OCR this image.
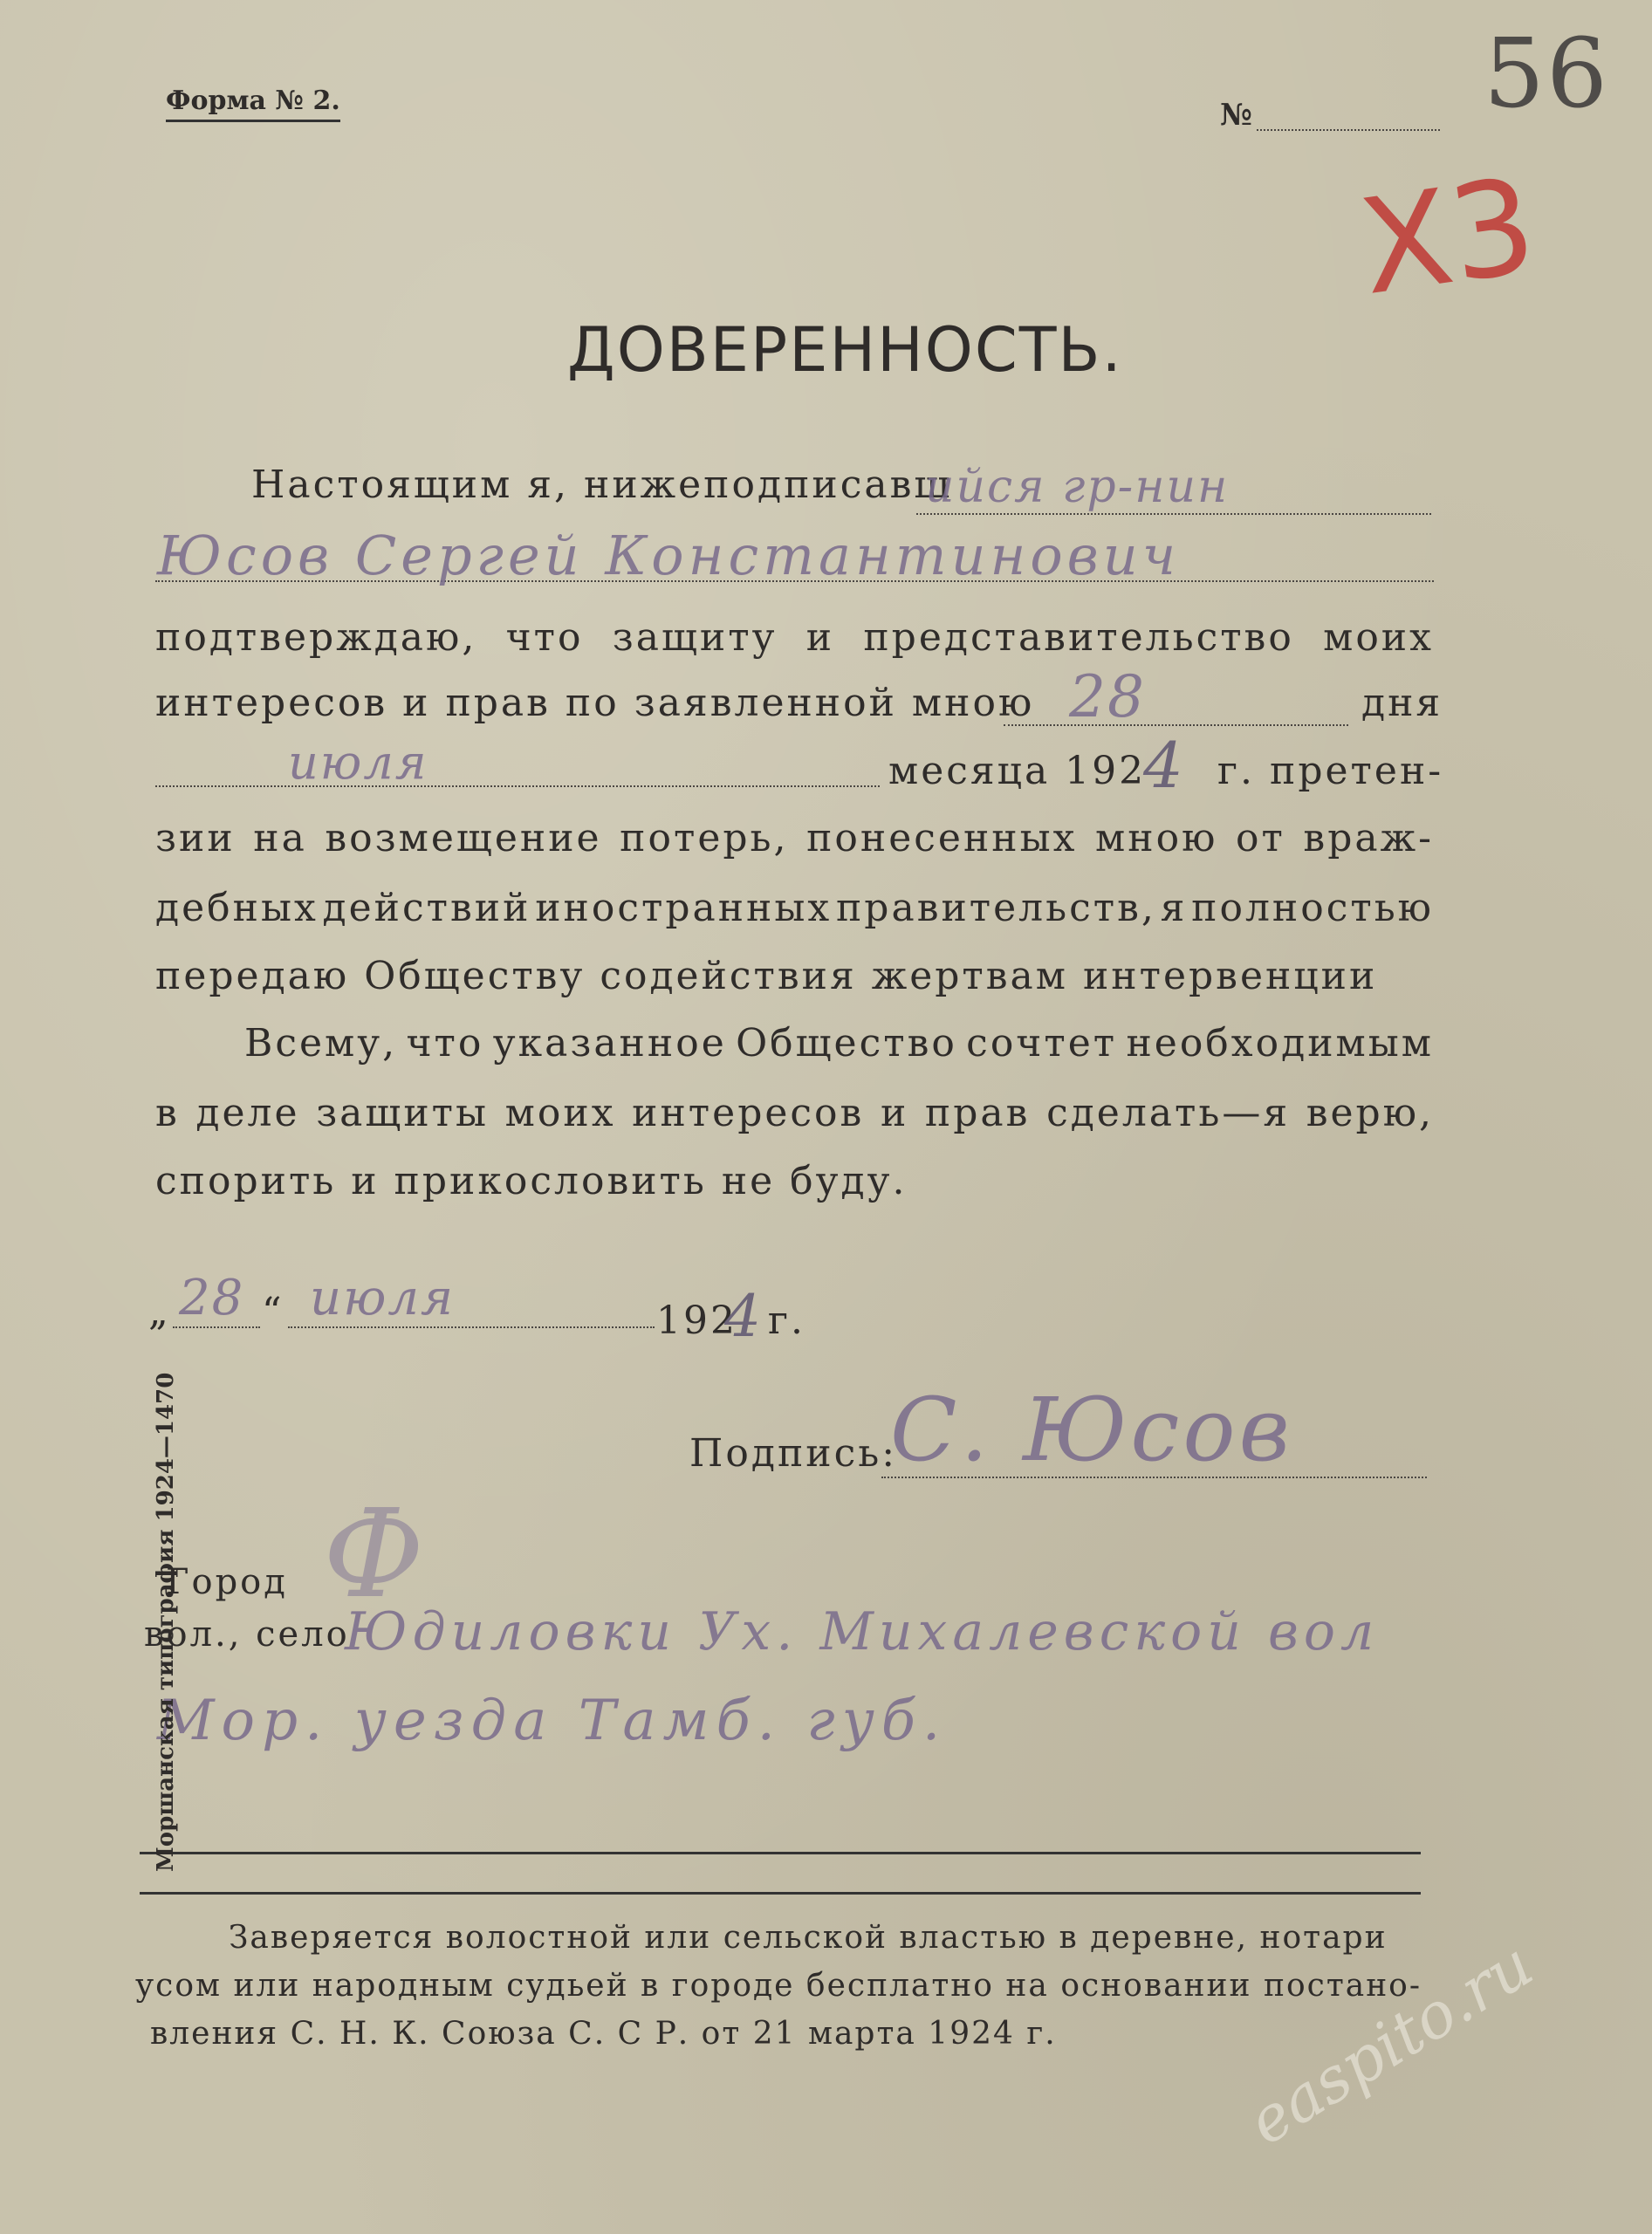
Форма № 2.	№ 56
Х3
ДОВЕРЕННОСТЬ.
Настоящим я, нижеподписавш
ийся гр-нин
Юсов Сергей Константинович
подтверждаю, что защиту и представительство моих
интересов и прав по заявленной мною 28	дня
июля	месяца 192
4 г. претен-
зии на возмещение потерь, понесенных мною от враж-
дебных действий иностранных правительств, я полностью
передаю Обществу содействия жертвам интервенции
Всему, что указанное Общество сочтет необходимым
в деле защиты моих интересов и прав сделать—я верю,
спорить и прикословить не буду.
„ 28 “ июля	192
4 г.
Подпись:
С. Юсов
Город Ф
вол., село
Юдиловки Ух. Михалевской вол
Мор. уезда Тамб. губ.
Моршанская типография 1924—1470
Заверяется волостной или сельской властью в деревне, нотари
усом или народным судьей в городе бесплатно на основании постано-
вления С. Н. К. Союза С. С Р. от 21 марта 1924 г.	easpito.ru
